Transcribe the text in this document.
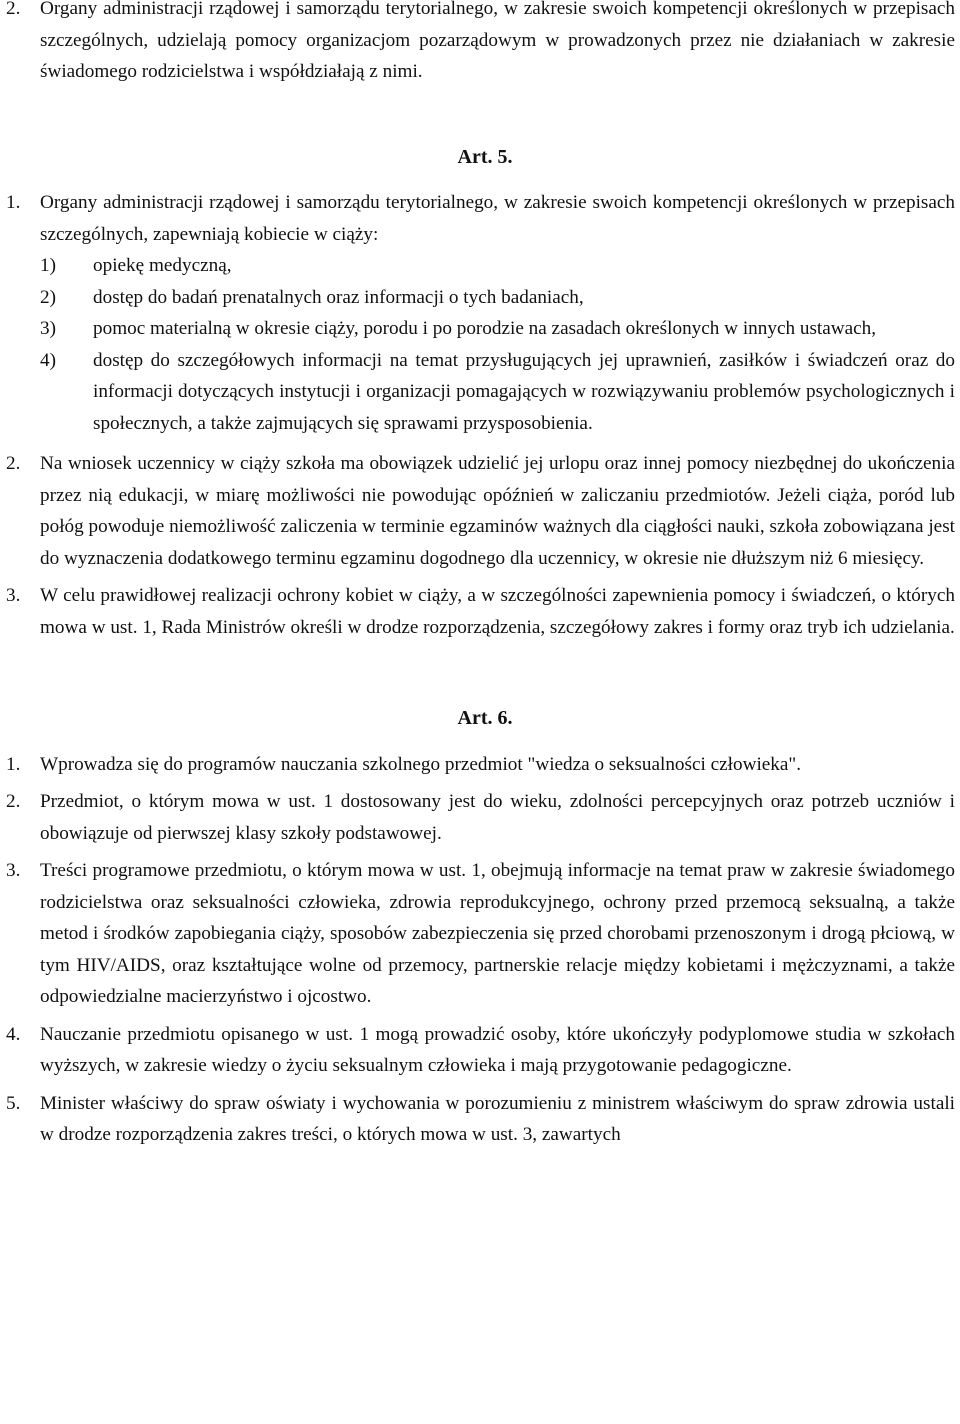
2. Organy administracji rządowej i samorządu terytorialnego, w zakresie swoich kompetencji określonych w przepisach szczególnych, udzielają pomocy organizacjom pozarządowym w prowadzonych przez nie działaniach w zakresie świadomego rodzicielstwa i współdziałają z nimi.
Art. 5.
1. Organy administracji rządowej i samorządu terytorialnego, w zakresie swoich kompetencji określonych w przepisach szczególnych, zapewniają kobiecie w ciąży:
1) opiekę medyczną,
2) dostęp do badań prenatalnych oraz informacji o tych badaniach,
3) pomoc materialną w okresie ciąży, porodu i po porodzie na zasadach określonych w innych ustawach,
4) dostęp do szczegółowych informacji na temat przysługujących jej uprawnień, zasiłków i świadczeń oraz do informacji dotyczących instytucji i organizacji pomagających w rozwiązywaniu problemów psychologicznych i społecznych, a także zajmujących się sprawami przysposobienia.
2. Na wniosek uczennicy w ciąży szkoła ma obowiązek udzielić jej urlopu oraz innej pomocy niezbędnej do ukończenia przez nią edukacji, w miarę możliwości nie powodując opóźnień w zaliczaniu przedmiotów. Jeżeli ciąża, poród lub połóg powoduje niemożliwość zaliczenia w terminie egzaminów ważnych dla ciągłości nauki, szkoła zobowiązana jest do wyznaczenia dodatkowego terminu egzaminu dogodnego dla uczennicy, w okresie nie dłuższym niż 6 miesięcy.
3. W celu prawidłowej realizacji ochrony kobiet w ciąży, a w szczególności zapewnienia pomocy i świadczeń, o których mowa w ust. 1, Rada Ministrów określi w drodze rozporządzenia, szczegółowy zakres i formy oraz tryb ich udzielania.
Art. 6.
1. Wprowadza się do programów nauczania szkolnego przedmiot "wiedza o seksualności człowieka".
2. Przedmiot, o którym mowa w ust. 1 dostosowany jest do wieku, zdolności percepcyjnych oraz potrzeb uczniów i obowiązuje od pierwszej klasy szkoły podstawowej.
3. Treści programowe przedmiotu, o którym mowa w ust. 1, obejmują informacje na temat praw w zakresie świadomego rodzicielstwa oraz seksualności człowieka, zdrowia reprodukcyjnego, ochrony przed przemocą seksualną, a także metod i środków zapobiegania ciąży, sposobów zabezpieczenia się przed chorobami przenoszonym i drogą płciową, w tym HIV/AIDS, oraz kształtujące wolne od przemocy, partnerskie relacje między kobietami i mężczyznami, a także odpowiedzialne macierzyństwo i ojcostwo.
4. Nauczanie przedmiotu opisanego w ust. 1 mogą prowadzić osoby, które ukończyły podyplomowe studia w szkołach wyższych, w zakresie wiedzy o życiu seksualnym człowieka i mają przygotowanie pedagogiczne.
5. Minister właściwy do spraw oświaty i wychowania w porozumieniu z ministrem właściwym do spraw zdrowia ustali w drodze rozporządzenia zakres treści, o których mowa w ust. 3, zawartych
